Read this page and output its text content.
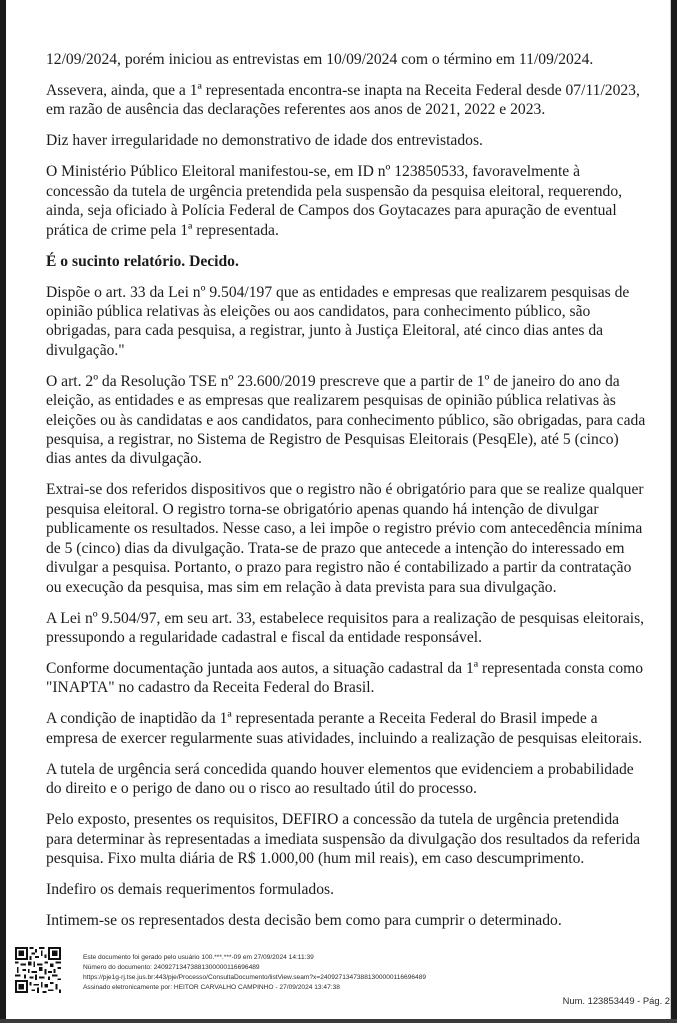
12/09/2024, porém iniciou as entrevistas em 10/09/2024 com o término em 11/09/2024.

Assevera, ainda, que a 1ª representada encontra-se inapta na Receita Federal desde 07/11/2023, em razão de ausência das declarações referentes aos anos de 2021, 2022 e 2023.

Diz haver irregularidade no demonstrativo de idade dos entrevistados.

O Ministério Público Eleitoral manifestou-se, em ID nº 123850533, favoravelmente à concessão da tutela de urgência pretendida pela suspensão da pesquisa eleitoral, requerendo, ainda, seja oficiado à Polícia Federal de Campos dos Goytacazes para apuração de eventual prática de crime pela 1ª representada.

É o sucinto relatório. Decido.

Dispõe o art. 33 da Lei nº 9.504/197 que as entidades e empresas que realizarem pesquisas de opinião pública relativas às eleições ou aos candidatos, para conhecimento público, são obrigadas, para cada pesquisa, a registrar, junto à Justiça Eleitoral, até cinco dias antes da divulgação."

O art. 2º da Resolução TSE nº 23.600/2019 prescreve que a partir de 1º de janeiro do ano da eleição, as entidades e as empresas que realizarem pesquisas de opinião pública relativas às eleições ou às candidatas e aos candidatos, para conhecimento público, são obrigadas, para cada pesquisa, a registrar, no Sistema de Registro de Pesquisas Eleitorais (PesqEle), até 5 (cinco) dias antes da divulgação.

Extrai-se dos referidos dispositivos que o registro não é obrigatório para que se realize qualquer pesquisa eleitoral. O registro torna-se obrigatório apenas quando há intenção de divulgar publicamente os resultados. Nesse caso, a lei impõe o registro prévio com antecedência mínima de 5 (cinco) dias da divulgação. Trata-se de prazo que antecede a intenção do interessado em divulgar a pesquisa. Portanto, o prazo para registro não é contabilizado a partir da contratação ou execução da pesquisa, mas sim em relação à data prevista para sua divulgação.

A Lei nº 9.504/97, em seu art. 33, estabelece requisitos para a realização de pesquisas eleitorais, pressupondo a regularidade cadastral e fiscal da entidade responsável.

Conforme documentação juntada aos autos, a situação cadastral da 1ª representada consta como "INAPTA" no cadastro da Receita Federal do Brasil.

A condição de inaptidão da 1ª representada perante a Receita Federal do Brasil impede a empresa de exercer regularmente suas atividades, incluindo a realização de pesquisas eleitorais.

A tutela de urgência será concedida quando houver elementos que evidenciem a probabilidade do direito e o perigo de dano ou o risco ao resultado útil do processo.

Pelo exposto, presentes os requisitos, DEFIRO a concessão da tutela de urgência pretendida para determinar às representadas a imediata suspensão da divulgação dos resultados da referida pesquisa. Fixo multa diária de R$ 1.000,00 (hum mil reais), em caso descumprimento.

Indefiro os demais requerimentos formulados.

Intimem-se os representados desta decisão bem como para cumprir o determinado.

Este documento foi gerado pelo usuário 100.***.***-09 em 27/09/2024 14:11:39
Número do documento: 24092713473881300000116696489
https://pje1g-rj.tse.jus.br:443/pje/Processo/ConsultaDocumento/listView.seam?x=24092713473881300000116696489
Assinado eletronicamente por: HEITOR CARVALHO CAMPINHO - 27/09/2024 13:47:38
Num. 123853449 - Pág. 2
